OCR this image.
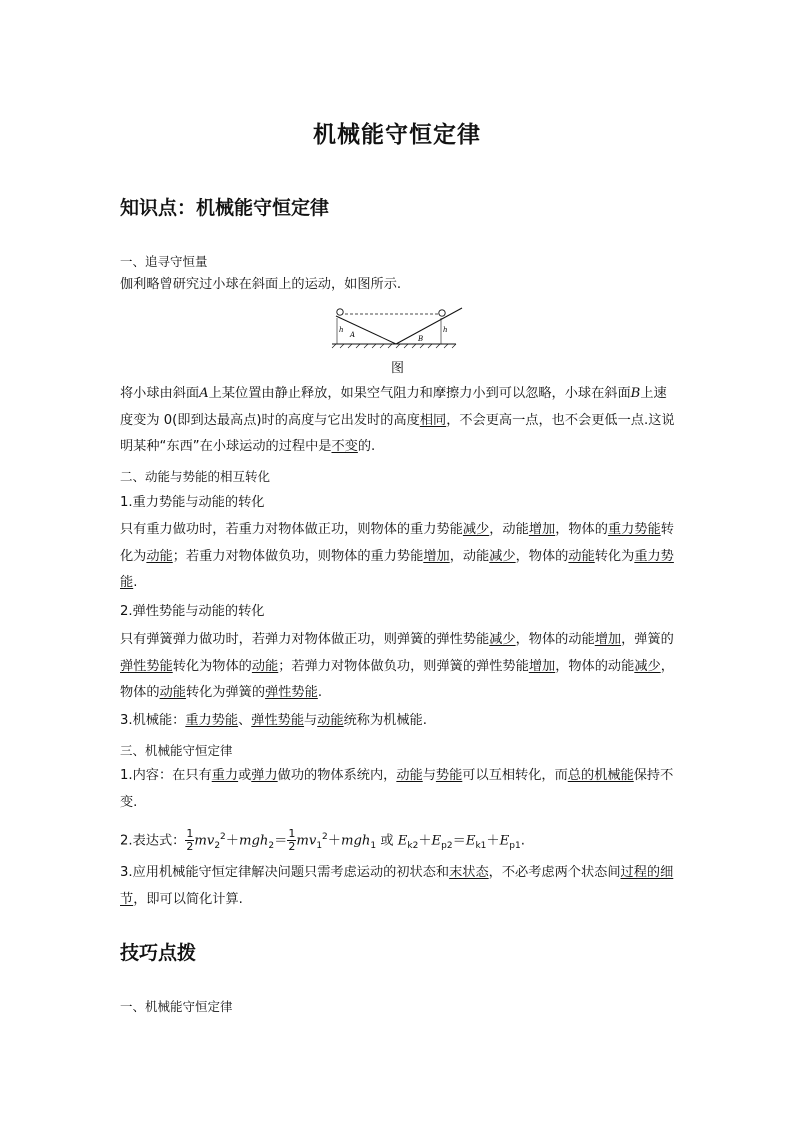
机械能守恒定律
知识点：机械能守恒定律
一、追寻守恒量
伽利略曾研究过小球在斜面上的运动，如图所示.
h	h
A	B
图
将小球由斜面A上某位置由静止释放，如果空气阻力和摩擦力小到可以忽略，小球在斜面B上速度变为 0(即到达最高点)时的高度与它出发时的高度相同，不会更高一点，也不会更低一点.这说明某种“东西”在小球运动的过程中是不变的.
二、动能与势能的相互转化
1.重力势能与动能的转化
只有重力做功时，若重力对物体做正功，则物体的重力势能减少，动能增加，物体的重力势能转化为动能；若重力对物体做负功，则物体的重力势能增加，动能减少，物体的动能转化为重力势能.
2.弹性势能与动能的转化
只有弹簧弹力做功时，若弹力对物体做正功，则弹簧的弹性势能减少，物体的动能增加，弹簧的弹性势能转化为物体的动能；若弹力对物体做负功，则弹簧的弹性势能增加，物体的动能减少，物体的动能转化为弹簧的弹性势能.
3.机械能：重力势能、弹性势能与动能统称为机械能.
三、机械能守恒定律
1.内容：在只有重力或弹力做功的物体系统内，动能与势能可以互相转化，而总的机械能保持不变.
2.表达式： $\frac{1}{2} mv_2^2+mgh_2= \frac{1}{2} mv_1^2+mgh_1$ 或 $E_{k2}+E_{p2}=E_{k1}+E_{p1}$.
3.应用机械能守恒定律解决问题只需考虑运动的初状态和末状态，不必考虑两个状态间过程的细节，即可以简化计算.
技巧点拨
一、机械能守恒定律
